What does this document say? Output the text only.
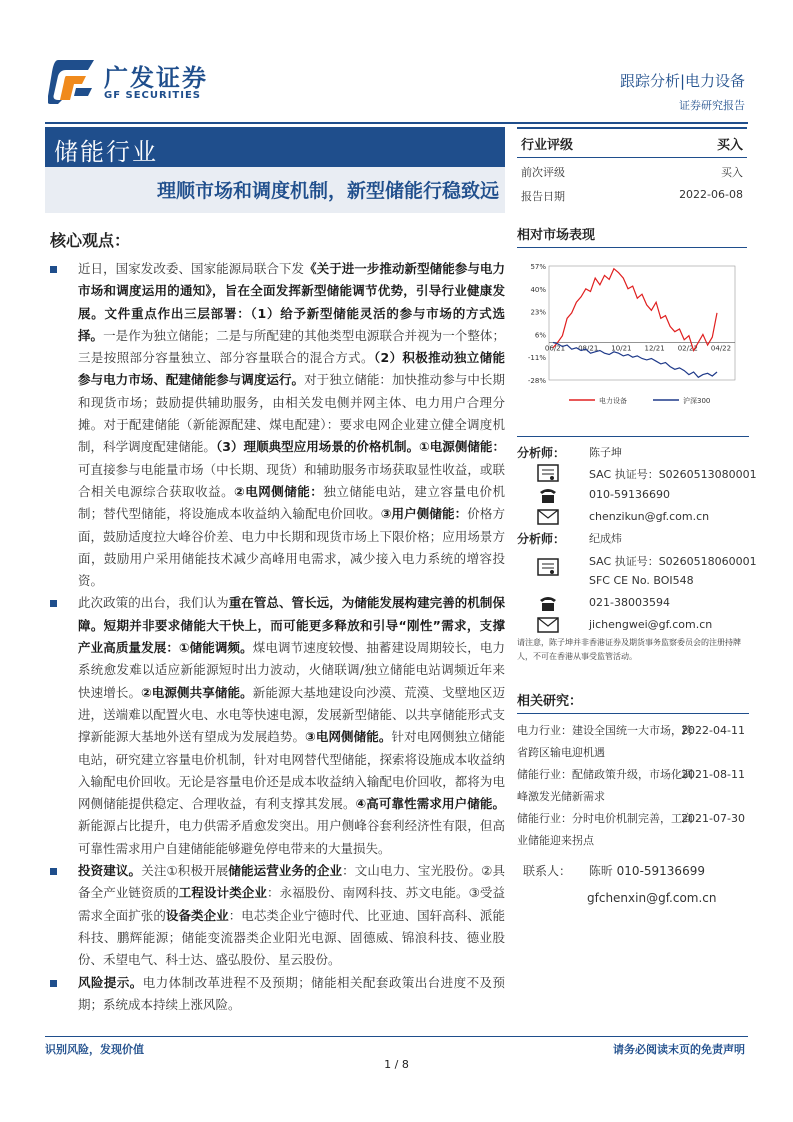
广发证券
GF SECURITIES
跟踪分析|电力设备
证券研究报告
储能行业
理顺市场和调度机制，新型储能行稳致远
行业评级	买入
前次评级	买入
报告日期	2022-06-08
相对市场表现
57%
40%
23%
6%
-11%
-28%
06/21 08/21 10/21 12/21 02/22 04/22
电力设备	沪深300
分析师： 陈子坤
SAC 执证号：S0260513080001
010-59136690
chenzikun@gf.com.cn
分析师： 纪成炜
SAC 执证号：S0260518060001
SFC CE No. BOI548
021-38003594
jichengwei@gf.com.cn
请注意，陈子坤并非香港证券及期货事务监察委员会的注册持牌人，不可在香港从事受监管活动。
相关研究：
电力行业：建设全国统一大市场，跨省跨区输电迎机遇
2022-04-11
储能行业：配储政策升级，市场化调峰激发光储新需求
2021-08-11
储能行业：分时电价机制完善，工商业储能迎来拐点
2021-07-30
联系人： 陈昕 010-59136699
gfchenxin@gf.com.cn
核心观点：

近日，国家发改委、国家能源局联合下发《关于进一步推动新型储能参与电力市场和调度运用的通知》，旨在全面发挥新型储能调节优势，引导行业健康发展。文件重点作出三层部署：（1）给予新型储能灵活的参与市场的方式选择。一是作为独立储能；二是与所配建的其他类型电源联合并视为一个整体；三是按照部分容量独立、部分容量联合的混合方式。（2）积极推动独立储能参与电力市场、配建储能参与调度运行。对于独立储能：加快推动参与中长期和现货市场；鼓励提供辅助服务，由相关发电侧并网主体、电力用户合理分摊。对于配建储能（新能源配建、煤电配建）：要求电网企业建立健全调度机制，科学调度配建储能。（3）理顺典型应用场景的价格机制。①电源侧储能：可直接参与电能量市场（中长期、现货）和辅助服务市场获取显性收益，或联合相关电源综合获取收益。②电网侧储能：独立储能电站，建立容量电价机制；替代型储能，将设施成本收益纳入输配电价回收。③用户侧储能：价格方面，鼓励适度拉大峰谷价差、电力中长期和现货市场上下限价格；应用场景方面，鼓励用户采用储能技术减少高峰用电需求，减少接入电力系统的增容投资。

此次政策的出台，我们认为重在管总、管长远，为储能发展构建完善的机制保障。短期并非要求储能大干快上，而可能更多释放和引导“刚性”需求，支撑产业高质量发展：①储能调频。煤电调节速度较慢、抽蓄建设周期较长，电力系统愈发难以适应新能源短时出力波动，火储联调/独立储能电站调频近年来快速增长。②电源侧共享储能。新能源大基地建设向沙漠、荒漠、戈壁地区迈进，送端难以配置火电、水电等快速电源，发展新型储能、以共享储能形式支撑新能源大基地外送有望成为发展趋势。③电网侧储能。针对电网侧独立储能电站，研究建立容量电价机制，针对电网替代型储能，探索将设施成本收益纳入输配电价回收。无论是容量电价还是成本收益纳入输配电价回收，都将为电网侧储能提供稳定、合理收益，有利支撑其发展。④高可靠性需求用户储能。新能源占比提升，电力供需矛盾愈发突出。用户侧峰谷套利经济性有限，但高可靠性需求用户自建储能能够避免停电带来的大量损失。

投资建议。关注①积极开展储能运营业务的企业：文山电力、宝光股份。②具备全产业链资质的工程设计类企业：永福股份、南网科技、苏文电能。③受益需求全面扩张的设备类企业：电芯类企业宁德时代、比亚迪、国轩高科、派能科技、鹏辉能源；储能变流器类企业阳光电源、固德威、锦浪科技、德业股份、禾望电气、科士达、盛弘股份、星云股份。

风险提示。电力体制改革进程不及预期；储能相关配套政策出台进度不及预期；系统成本持续上涨风险。

识别风险，发现价值	请务必阅读末页的免责声明
1 / 8
